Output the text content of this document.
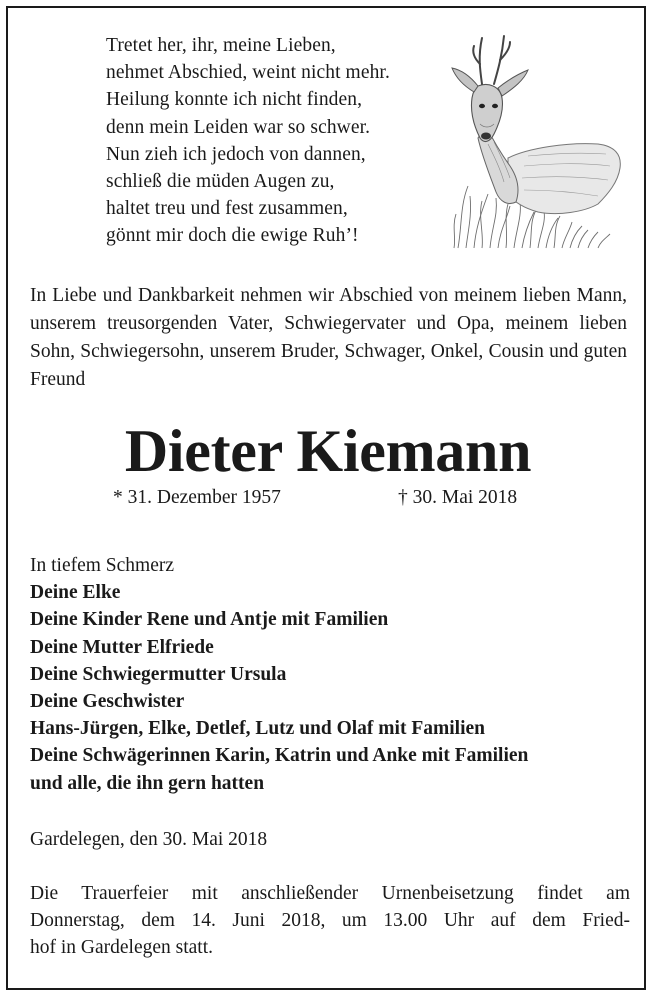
Tretet her, ihr, meine Lieben,
nehmet Abschied, weint nicht mehr.
Heilung konnte ich nicht finden,
denn mein Leiden war so schwer.
Nun zieh ich jedoch von dannen,
schließ die müden Augen zu,
haltet treu und fest zusammen,
gönnt mir doch die ewige Ruh’!
In Liebe und Dankbarkeit nehmen wir Abschied von meinem lieben Mann, unserem treusorgenden Vater, Schwiegervater und Opa, meinem lieben Sohn, Schwiegersohn, unserem Bruder, Schwager, Onkel, Cousin und guten Freund
Dieter Kiemann
* 31. Dezember 1957	† 30. Mai 2018
In tiefem Schmerz
Deine Elke
Deine Kinder Rene und Antje mit Familien
Deine Mutter Elfriede
Deine Schwiegermutter Ursula
Deine Geschwister
Hans-Jürgen, Elke, Detlef, Lutz und Olaf mit Familien
Deine Schwägerinnen Karin, Katrin und Anke mit Familien
und alle, die ihn gern hatten
Gardelegen, den 30. Mai 2018
Die Trauerfeier mit anschließender Urnenbeisetzung findet am
Donnerstag, dem 14. Juni 2018, um 13.00 Uhr auf dem Fried-
hof in Gardelegen statt.
